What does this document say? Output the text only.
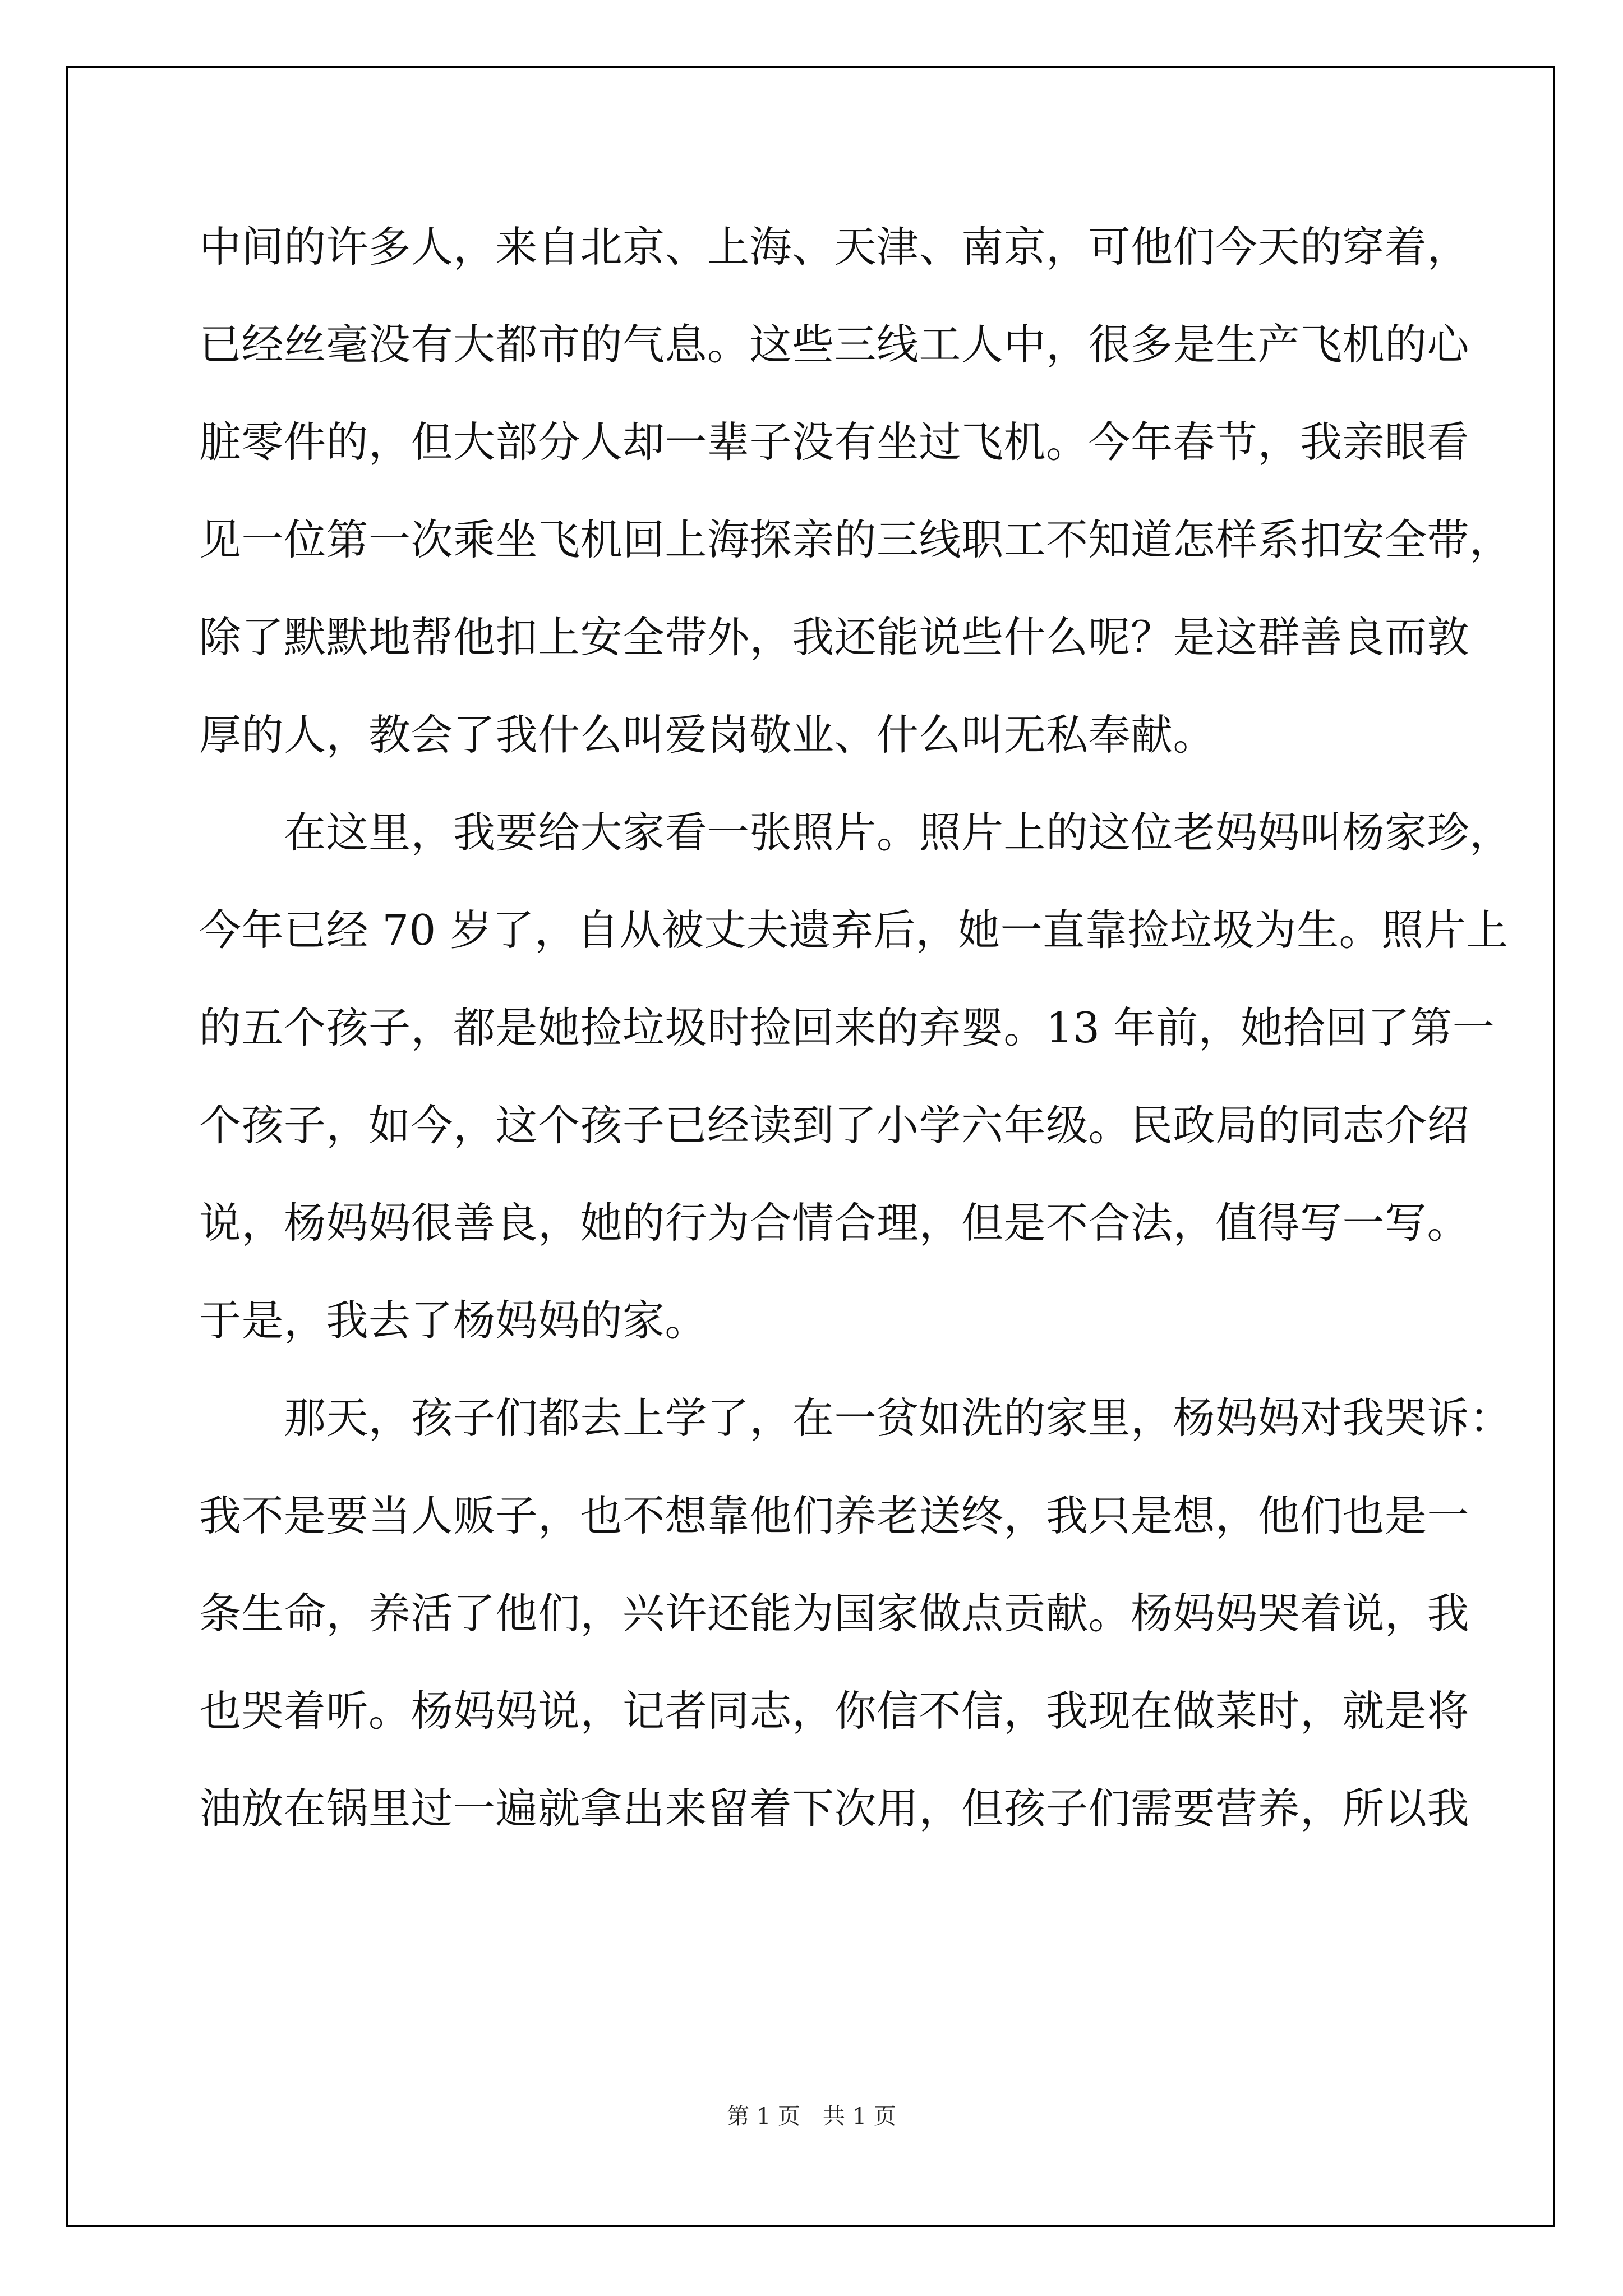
中间的许多人，来自北京、上海、天津、南京，可他们今天的穿着，
已经丝毫没有大都市的气息。这些三线工人中，很多是生产飞机的心
脏零件的，但大部分人却一辈子没有坐过飞机。今年春节，我亲眼看
见一位第一次乘坐飞机回上海探亲的三线职工不知道怎样系扣安全带，
除了默默地帮他扣上安全带外，我还能说些什么呢？是这群善良而敦
厚的人，教会了我什么叫爱岗敬业、什么叫无私奉献。
　　在这里，我要给大家看一张照片。照片上的这位老妈妈叫杨家珍，
今年已经 70 岁了，自从被丈夫遗弃后，她一直靠捡垃圾为生。照片上
的五个孩子，都是她捡垃圾时捡回来的弃婴。13 年前，她拾回了第一
个孩子，如今，这个孩子已经读到了小学六年级。民政局的同志介绍
说，杨妈妈很善良，她的行为合情合理，但是不合法，值得写一写。
于是，我去了杨妈妈的家。
　　那天，孩子们都去上学了，在一贫如洗的家里，杨妈妈对我哭诉：
我不是要当人贩子，也不想靠他们养老送终，我只是想，他们也是一
条生命，养活了他们，兴许还能为国家做点贡献。杨妈妈哭着说，我
也哭着听。杨妈妈说，记者同志，你信不信，我现在做菜时，就是将
油放在锅里过一遍就拿出来留着下次用，但孩子们需要营养，所以我
第 1 页　共 1 页
